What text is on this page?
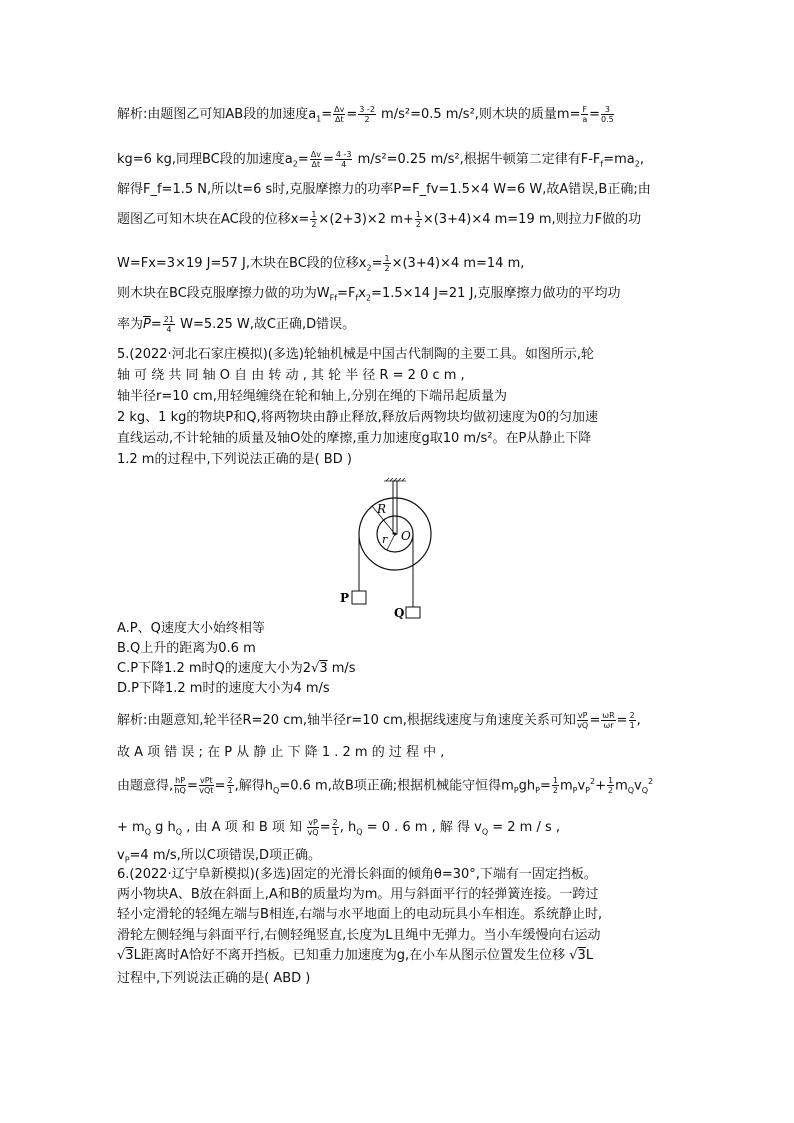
解析:由题图乙可知AB段的加速度$a_1= \frac{\Delta v}{\Delta t} = \frac{3 -2}{2} m/s^2=0.5$ m/s²,则木块的质量$m= \frac{F}{a} = \frac{3}{0.5}$
kg=6 kg,同理BC段的加速度$a_2= \frac{\Delta v}{\Delta t} = \frac{4 -3}{4} m/s^2=0.25$ m/s²,根据牛顿第二定律有$F-F_f=ma_2$,
解得F_f=1.5 N,所以t=6 s时,克服摩擦力的功率P=F_fv=1.5×4 W=6 W,故A错误,B正确;由
题图乙可知木块在AC段的位移$x= \frac{1}{2} \times(2+3)\times 2$ $m+ \frac{1}{2} \times(3+4)\times 4$ m=19 m,则拉力F做的功
W=Fx=3×19 J=57 J,木块在BC段的位移$x_2= \frac{1}{2} \times(3+4)\times 4$ m=14 m,
则木块在BC段克服摩擦力做的功为$W_{Ff}=F_fx_2=1.5\times 14$ J=21 J,克服摩擦力做功的平均功
率为$\overline{P}= \frac{21}{4} W=5.25$ W,故C正确,D错误。
5.(2022·河北石家庄模拟)(多选)轮轴机械是中国古代制陶的主要工具。如图所示,轮
轴 可 绕 共 同 轴 O 自 由 转 动 , 其 轮 半 径 R = 2 0 c m ,
轴半径r=10 cm,用轻绳缠绕在轮和轴上,分别在绳的下端吊起质量为
2 kg、1 kg的物块P和Q,将两物块由静止释放,释放后两物块均做初速度为0的匀加速
直线运动,不计轮轴的质量及轴O处的摩擦,重力加速度g取10 m/s²。在P从静止下降
1.2 m的过程中,下列说法正确的是( BD )
R
r O
P
Q
A.P、Q速度大小始终相等
B.Q上升的距离为0.6 m
C.P下降1.2 m时Q的速度大小为2√3 m/s
D.P下降1.2 m时的速度大小为4 m/s
解析:由题意知,轮半径R=20 cm,轴半径r=10 cm,根据线速度与角速度关系可知 $\frac{vP}{vQ} = \frac{\omega R}{\omega r} = \frac{2}{1}$ ,
故 A 项 错 误 ; 在 P 从 静 止 下 降 1 . 2 m 的 过 程 中 ,
由题意得, $\frac{hP}{hQ} = \frac{\text{vPt}}{\text{vQt}} = \frac{2}{1}$ ,解得$h_Q=0.6$ m,故B项正确;根据机械能守恒得$m_Pgh_P= \frac{1}{2} m_Pv_P^2+ \frac{1}{2} m_Qv_Q^2$
+ $m_Q$ g $h_Q$ , 由 A 项 和 B 项 知 $\frac{vP}{vQ} = \frac{2}{1}$ , $h_Q = 0$ . 6 m , 解 得 $v_Q = 2$ m / s ,
$v_P=4$ m/s,所以C项错误,D项正确。
6.(2022·辽宁阜新模拟)(多选)固定的光滑长斜面的倾角θ=30°,下端有一固定挡板。
两小物块A、B放在斜面上,A和B的质量均为m。用与斜面平行的轻弹簧连接。一跨过
轻小定滑轮的轻绳左端与B相连,右端与水平地面上的电动玩具小车相连。系统静止时,
滑轮左侧轻绳与斜面平行,右侧轻绳竖直,长度为L且绳中无弹力。当小车缓慢向右运动
√3L距离时A恰好不离开挡板。已知重力加速度为g,在小车从图示位置发生位移 √3L
过程中,下列说法正确的是( ABD )
